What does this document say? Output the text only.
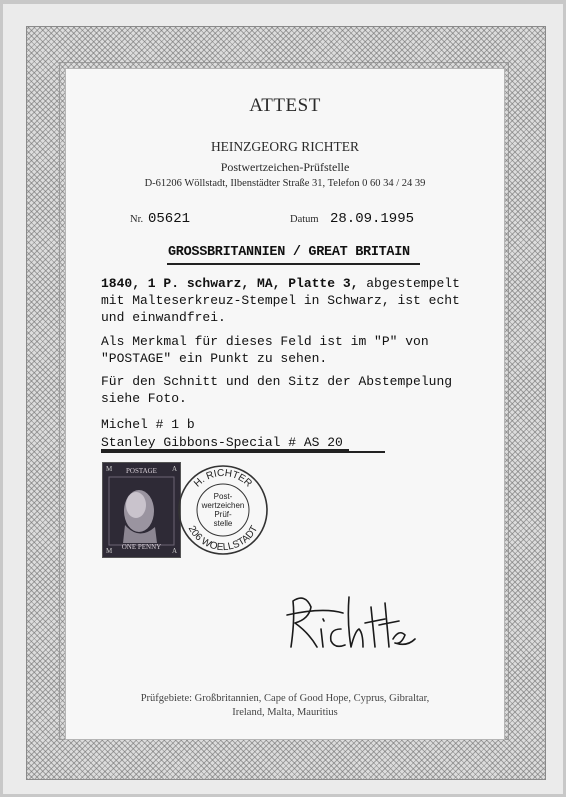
ATTEST
HEINZGEORG RICHTER
Postwertzeichen-Prüfstelle
D-61206 Wöllstadt, Ilbenstädter Straße 31, Telefon 0 60 34 / 24 39
Nr. 05621	Datum 28.09.1995
GROSSBRITANNIEN / GREAT BRITAIN
1840, 1 P. schwarz, MA, Platte 3, abgestempelt
mit Malteserkreuz-Stempel in Schwarz, ist echt
und einwandfrei.
Als Merkmal für dieses Feld ist im "P" von
"POSTAGE" ein Punkt zu sehen.
Für den Schnitt und den Sitz der Abstempelung
siehe Foto.
Michel # 1 b
Stanley Gibbons-Special # AS 20
Prüfgebiete: Großbritannien, Cape of Good Hope, Cyprus, Gibraltar,
Ireland, Malta, Mauritius
POSTAGE
M	A
ONE PENNY
M	A
H. RICHTER
206 WOELLSTADT
Post-
wertzeichen
Prüf-
stelle
